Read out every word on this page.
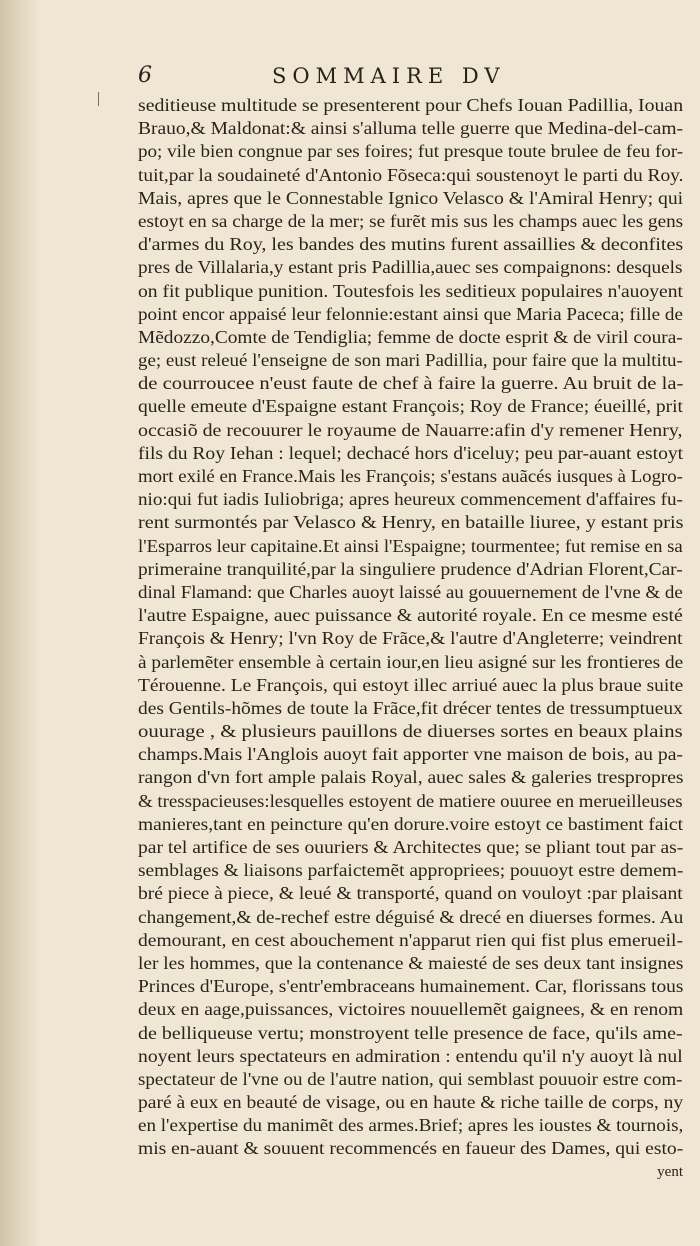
6	SOMMAIRE DV
seditieuse multitude se presenterent pour Chefs Iouan Padillia, Iouan
Brauo,& Maldonat:& ainsi s'alluma telle guerre que Medina-del-cam-
po; vile bien congnue par ses foires; fut presque toute brulee de feu for-
tuit,par la soudaineté d'Antonio Fõseca:qui soustenoyt le parti du Roy.
Mais, apres que le Connestable Ignico Velasco & l'Amiral Henry; qui
estoyt en sa charge de la mer; se furẽt mis sus les champs auec les gens
d'armes du Roy, les bandes des mutins furent assaillies & deconfites
pres de Villalaria,y estant pris Padillia,auec ses compaignons: desquels
on fit publique punition. Toutesfois les seditieux populaires n'auoyent
point encor appaisé leur felonnie:estant ainsi que Maria Paceca; fille de
Mẽdozzo,Comte de Tendiglia; femme de docte esprit & de viril coura-
ge; eust releué l'enseigne de son mari Padillia, pour faire que la multitu-
de courroucee n'eust faute de chef à faire la guerre. Au bruit de la-
quelle emeute d'Espaigne estant François; Roy de France; éueillé, prit
occasiõ de recouurer le royaume de Nauarre:afin d'y remener Henry,
fils du Roy Iehan : lequel; dechacé hors d'iceluy; peu par-auant estoyt
mort exilé en France.Mais les François; s'estans auãcés iusques à Logro-
nio:qui fut iadis Iuliobriga; apres heureux commencement d'affaires fu-
rent surmontés par Velasco & Henry, en bataille liuree, y estant pris
l'Esparros leur capitaine.Et ainsi l'Espaigne; tourmentee; fut remise en sa
primeraine tranquilité,par la singuliere prudence d'Adrian Florent,Car-
dinal Flamand: que Charles auoyt laissé au gouuernement de l'vne & de
l'autre Espaigne, auec puissance & autorité royale. En ce mesme esté
François & Henry; l'vn Roy de Frãce,& l'autre d'Angleterre; veindrent
à parlemẽter ensemble à certain iour,en lieu asigné sur les frontieres de
Térouenne. Le François, qui estoyt illec arriué auec la plus braue suite
des Gentils-hõmes de toute la Frãce,fit drécer tentes de tressumptueux
ouurage , & plusieurs pauillons de diuerses sortes en beaux plains
champs.Mais l'Anglois auoyt fait apporter vne maison de bois, au pa-
rangon d'vn fort ample palais Royal, auec sales & galeries trespropres
& tresspacieuses:lesquelles estoyent de matiere ouuree en merueilleuses
manieres,tant en peincture qu'en dorure.voire estoyt ce bastiment faict
par tel artifice de ses ouuriers & Architectes que; se pliant tout par as-
semblages & liaisons parfaictemẽt appropriees; pouuoyt estre demem-
bré piece à piece, & leué & transporté, quand on vouloyt :par plaisant
changement,& de-rechef estre déguisé & drecé en diuerses formes. Au
demourant, en cest abouchement n'apparut rien qui fist plus emerueil-
ler les hommes, que la contenance & maiesté de ses deux tant insignes
Princes d'Europe, s'entr'embraceans humainement. Car, florissans tous
deux en aage,puissances, victoires nouuellemẽt gaignees, & en renom
de belliqueuse vertu; monstroyent telle presence de face, qu'ils ame-
noyent leurs spectateurs en admiration : entendu qu'il n'y auoyt là nul
spectateur de l'vne ou de l'autre nation, qui semblast pouuoir estre com-
paré à eux en beauté de visage, ou en haute & riche taille de corps, ny
en l'expertise du manimẽt des armes.Brief; apres les ioustes & tournois,
mis en-auant & souuent recommencés en faueur des Dames, qui esto-
yent
